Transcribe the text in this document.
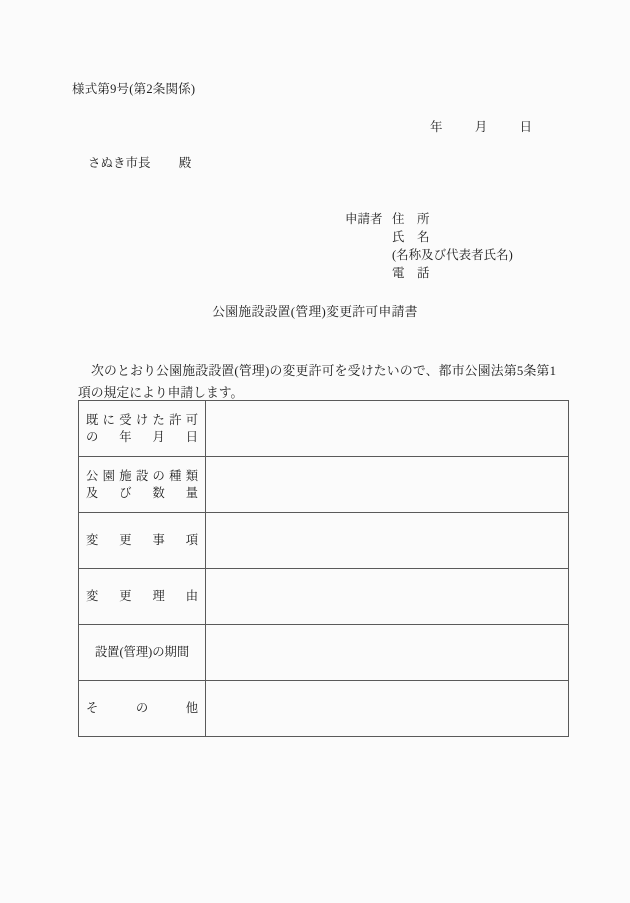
様式第9号(第2条関係)
年	月	日
さぬき市長 殿
申請者 住　所
氏　名
(名称及び代表者氏名)
電　話
公園施設設置(管理)変更許可申請書
次のとおり公園施設設置(管理)の変更許可を受けたいので、都市公園法第5条第1項の規定により申請します。
既に受けた許可
の　年　月　日	

公園施設の種類
及　び　数　量	

変　更　事　項	

変　更　理　由	

設置(管理)の期間	

そ　の　他	
